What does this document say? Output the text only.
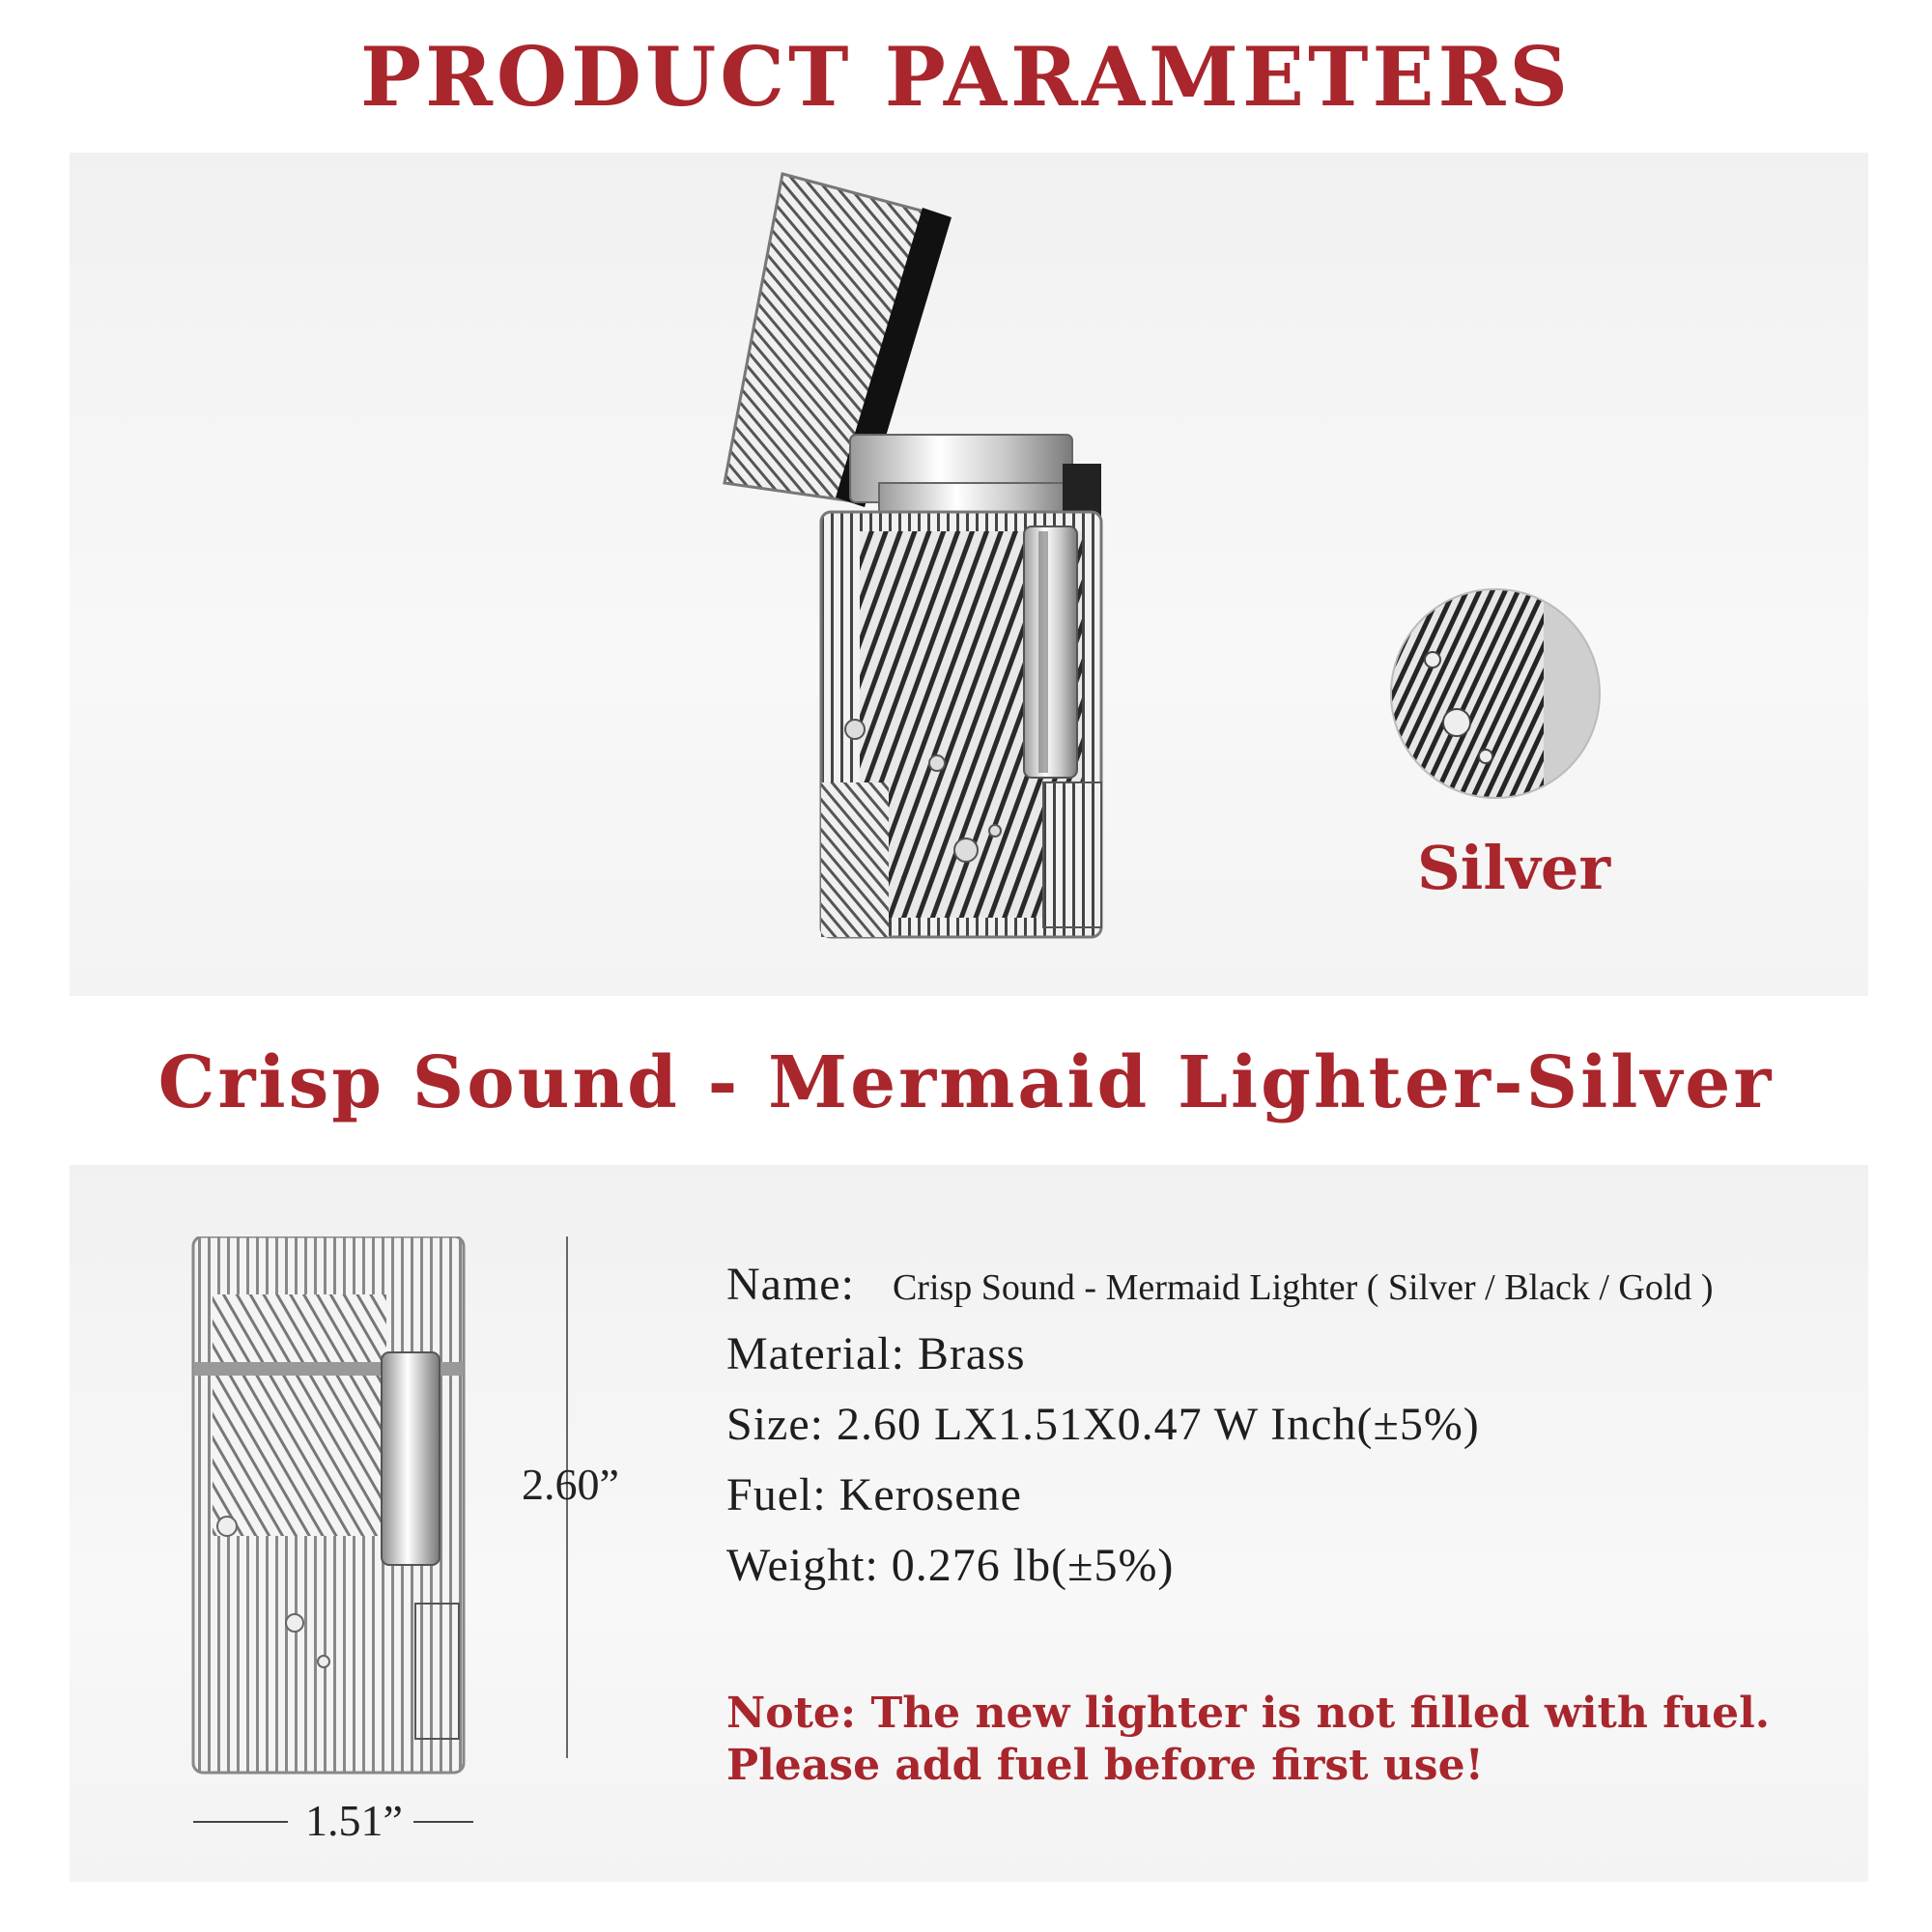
PRODUCT PARAMETERS
Silver
Crisp Sound - Mermaid Lighter-Silver
2.60”
1.51”
Name: Crisp Sound - Mermaid Lighter ( Silver / Black / Gold )
Material: Brass
Size: 2.60 LX1.51X0.47 W Inch(±5%)
Fuel: Kerosene
Weight: 0.276 lb(±5%)
Note: The new lighter is not filled with fuel.
Please add fuel before first use!
